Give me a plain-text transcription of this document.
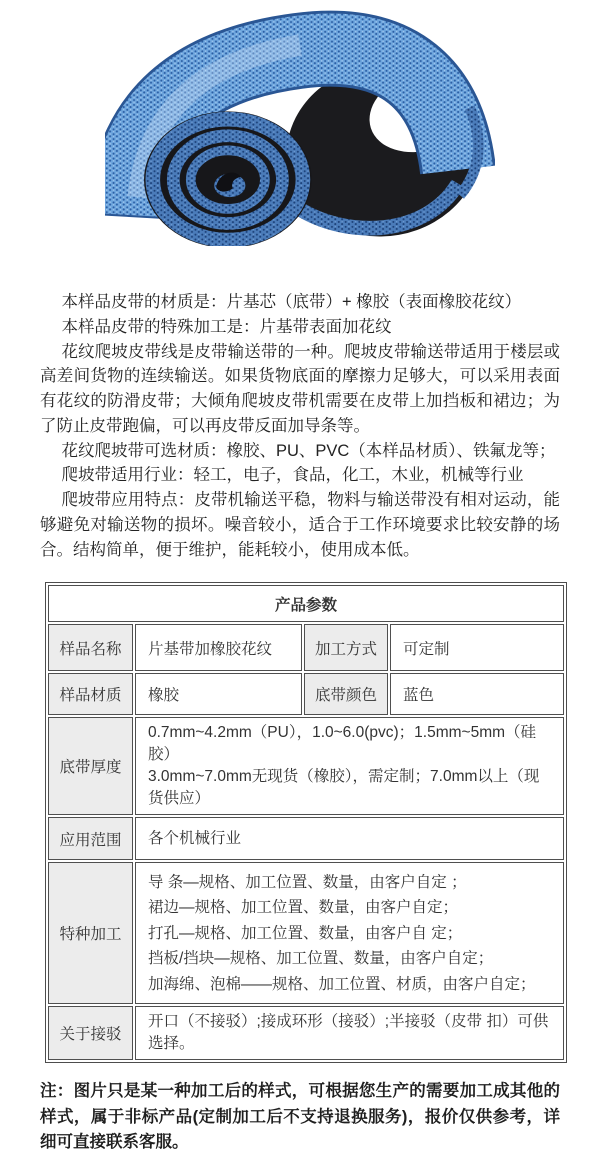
本样品皮带的材质是：片基芯（底带）+ 橡胶（表面橡胶花纹）

本样品皮带的特殊加工是：片基带表面加花纹

花纹爬坡皮带线是皮带输送带的一种。爬坡皮带输送带适用于楼层或高差间货物的连续输送。如果货物底面的摩擦力足够大，可以采用表面有花纹的防滑皮带；大倾角爬坡皮带机需要在皮带上加挡板和裙边；为了防止皮带跑偏，可以再皮带反面加导条等。

花纹爬坡带可选材质：橡胶、PU、PVC（本样品材质）、铁氟龙等；

爬坡带适用行业：轻工，电子，食品，化工，木业，机械等行业

爬坡带应用特点：皮带机输送平稳，物料与输送带没有相对运动，能够避免对输送物的损坏。噪音较小，适合于工作环境要求比较安静的场合。结构简单，便于维护，能耗较小，使用成本低。

产品参数			
样品名称	片基带加橡胶花纹	加工方式	可定制
样品材质	橡胶	底带颜色	蓝色
底带厚度	0.7mm~4.2mm（PU），1.0~6.0(pvc)；1.5mm~5mm（硅胶）
3.0mm~7.0mm无现货（橡胶），需定制；7.0mm以上（现货供应）		

应用范围	各个机械行业		

特种加工	导 条—规格、加工位置、数量，由客户自定 ；
裙边—规格、加工位置、数量，由客户自定；
打孔—规格、加工位置、数量，由客户自 定；
挡板/挡块—规格、加工位置、数量，由客户自定；
加海绵、泡棉——规格、加工位置、材质，由客户自定；		

关于接驳	开口（不接驳）;接成环形（接驳）;半接驳（皮带 扣）可供选择。		

注：图片只是某一种加工后的样式，可根据您生产的需要加工成其他的样式，属于非标产品(定制加工后不支持退换服务)，报价仅供参考，详细可直接联系客服。
